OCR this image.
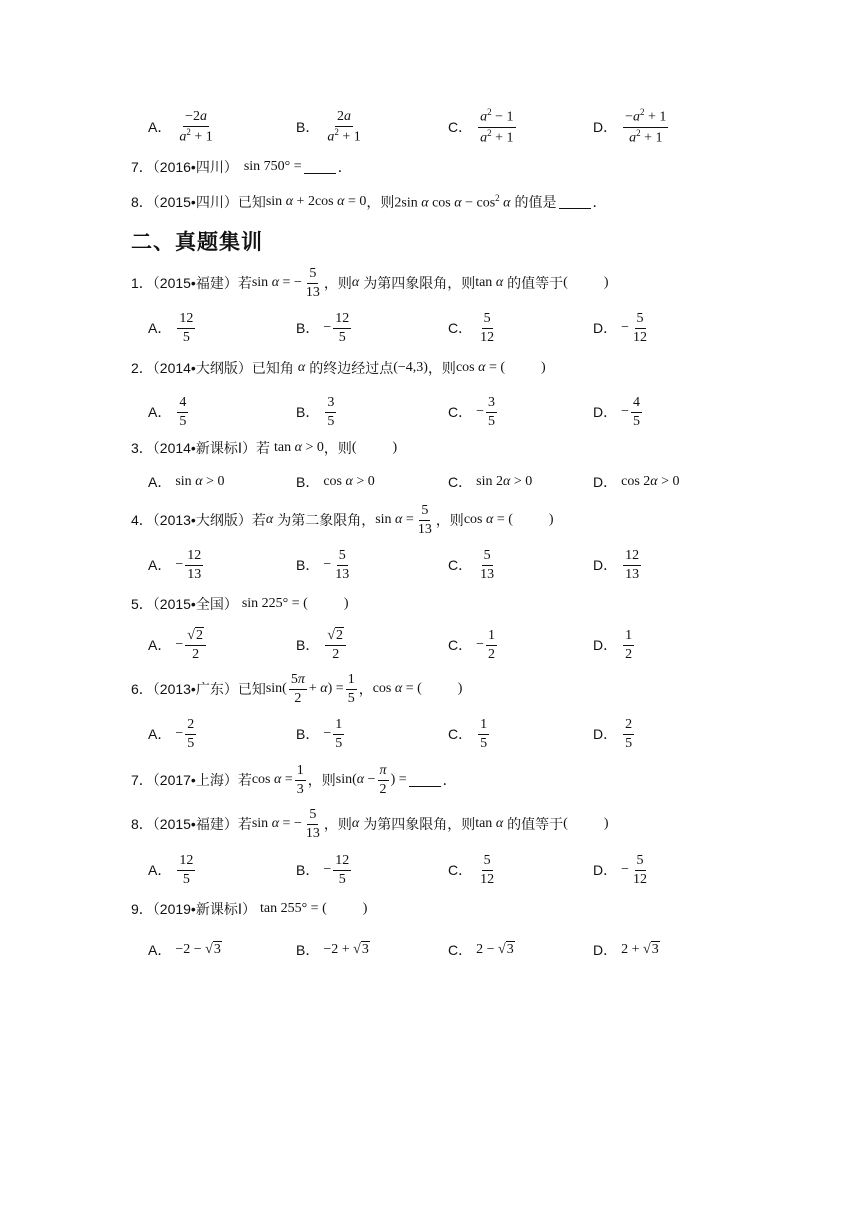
A． $\frac{-2a}{a^2 + 1}$	B． $\frac{2a}{a^2 + 1}$	C． $\frac{a^2 - 1}{a^2 + 1}$	D． $\frac{-a^2 + 1}{a^2 + 1}$
7．（2016•四川） sin 750° =	．
8．（2015•四川）已知 sin α + 2cos α = 0 ，则 2sin α $\cos \alpha - \cos^2 \alpha$ 的值是	．
二、真题集训
1．（2015•福建）若 sin α = − $\frac{5}{13}$ ，则 α 为第四象限角，则 tan α 的值等于 (	)
A． $\frac{12}{5}$	B． − $\frac{12}{5}$	C． $\frac{5}{12}$	D． − $\frac{5}{12}$
2．（2014•大纲版）已知角 α 的终边经过点 (−4,3) ，则 cos α = (	)
A． $\frac{4}{5}$	B． $\frac{3}{5}$	C． − $\frac{3}{5}$	D． − $\frac{4}{5}$
3．（2014•新课标Ⅰ）若 tan α > 0 ，则 (	)
A． sin α > 0	B． cos α > 0	C． sin 2α > 0	D． cos 2α > 0
4．（2013•大纲版）若 α 为第二象限角， $\sin \alpha = \frac{5}{13}$ ，则 cos α = (	)
A． − $\frac{12}{13}$	B． − $\frac{5}{13}$	C． $\frac{5}{13}$	D． $\frac{12}{13}$
5．（2015•全国） sin 225° = (	)
A． − $\frac{√2}{2}$	B． $\frac{√2}{2}$	C． − $\frac{1}{2}$	D． $\frac{1}{2}$
6．（2013•广东）已知 $\sin( \frac{5\pi}{2} + \alpha) = \frac{1}{5}$ ， cos α = (	)
A． − $\frac{2}{5}$	B． − $\frac{1}{5}$	C． $\frac{1}{5}$	D． $\frac{2}{5}$
7．（2017•上海）若 $\cos \alpha = \frac{1}{3}$ ，则 $\sin(\alpha - \frac{\pi}{2}$ ) =	．
8．（2015•福建）若 sin α = − $\frac{5}{13}$ ，则 α 为第四象限角，则 tan α 的值等于 (	)
A． $\frac{12}{5}$	B． − $\frac{12}{5}$	C． $\frac{5}{12}$	D． − $\frac{5}{12}$
9．（2019•新课标Ⅰ） tan 255° = (	)
A． −2 − √3	B． −2 + √3	C． 2 − √3	D． 2 + √3
